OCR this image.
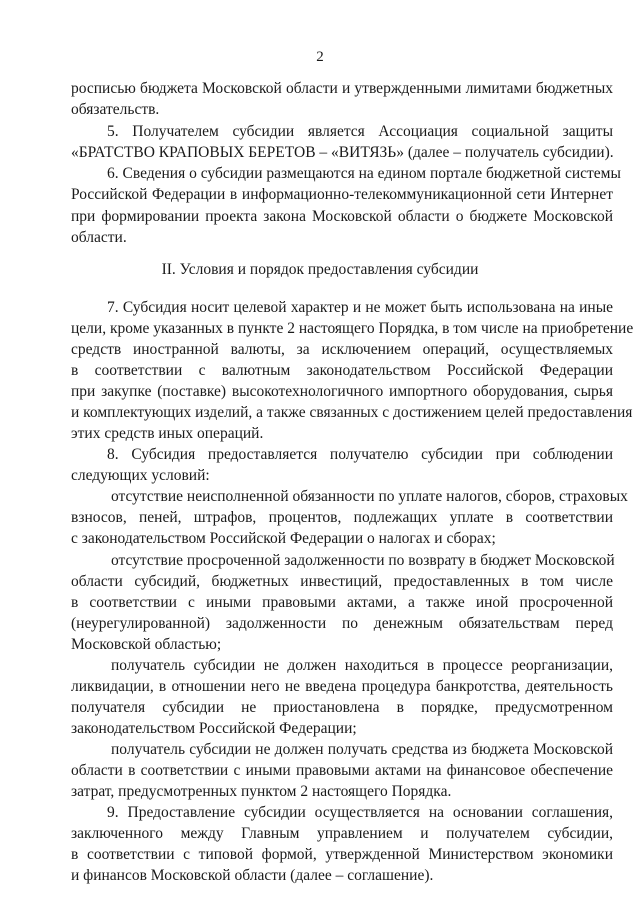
2
росписью бюджета Московской области и утвержденными лимитами бюджетных
обязательств.
5. Получателем субсидии является Ассоциация социальной защиты
«БРАТСТВО КРАПОВЫХ БЕРЕТОВ – «ВИТЯЗЬ» (далее – получатель субсидии).
6. Сведения о субсидии размещаются на едином портале бюджетной системы
Российской Федерации в информационно-телекоммуникационной сети Интернет
при формировании проекта закона Московской области о бюджете Московской
области.
II. Условия и порядок предоставления субсидии
7. Субсидия носит целевой характер и не может быть использована на иные
цели, кроме указанных в пункте 2 настоящего Порядка, в том числе на приобретение
средств иностранной валюты, за исключением операций, осуществляемых
в соответствии с валютным законодательством Российской Федерации
при закупке (поставке) высокотехнологичного импортного оборудования, сырья
и комплектующих изделий, а также связанных с достижением целей предоставления
этих средств иных операций.
8. Субсидия предоставляется получателю субсидии при соблюдении
следующих условий:
отсутствие неисполненной обязанности по уплате налогов, сборов, страховых
взносов, пеней, штрафов, процентов, подлежащих уплате в соответствии
с законодательством Российской Федерации о налогах и сборах;
отсутствие просроченной задолженности по возврату в бюджет Московской
области субсидий, бюджетных инвестиций, предоставленных в том числе
в соответствии с иными правовыми актами, а также иной просроченной
(неурегулированной) задолженности по денежным обязательствам перед
Московской областью;
получатель субсидии не должен находиться в процессе реорганизации,
ликвидации, в отношении него не введена процедура банкротства, деятельность
получателя субсидии не приостановлена в порядке, предусмотренном
законодательством Российской Федерации;
получатель субсидии не должен получать средства из бюджета Московской
области в соответствии с иными правовыми актами на финансовое обеспечение
затрат, предусмотренных пунктом 2 настоящего Порядка.
9. Предоставление субсидии осуществляется на основании соглашения,
заключенного между Главным управлением и получателем субсидии,
в соответствии с типовой формой, утвержденной Министерством экономики
и финансов Московской области (далее – соглашение).
